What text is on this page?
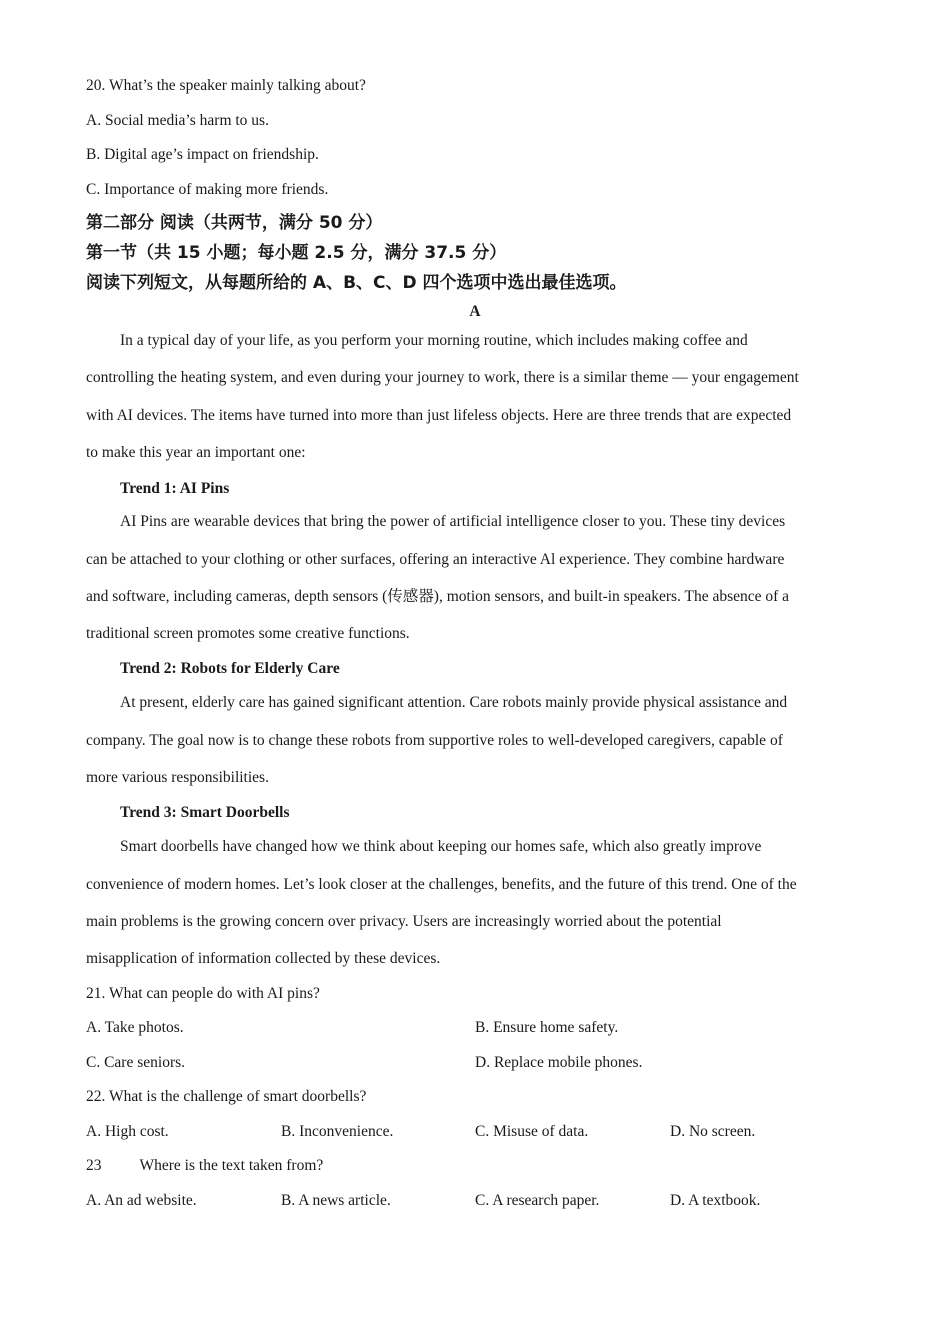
20. What’s the speaker mainly talking about?
A. Social media’s harm to us.
B. Digital age’s impact on friendship.
C. Importance of making more friends.
第二部分 阅读（共两节，满分 50 分）
第一节（共 15 小题；每小题 2.5 分，满分 37.5 分）
阅读下列短文，从每题所给的 A、B、C、D 四个选项中选出最佳选项。
A
In a typical day of your life, as you perform your morning routine, which includes making coffee and
controlling the heating system, and even during your journey to work, there is a similar theme — your engagement
with AI devices. The items have turned into more than just lifeless objects. Here are three trends that are expected
to make this year an important one:
Trend 1: AI Pins
AI Pins are wearable devices that bring the power of artificial intelligence closer to you. These tiny devices
can be attached to your clothing or other surfaces, offering an interactive Al experience. They combine hardware
and software, including cameras, depth sensors (传感器), motion sensors, and built-in speakers. The absence of a
traditional screen promotes some creative functions.
Trend 2: Robots for Elderly Care
At present, elderly care has gained significant attention. Care robots mainly provide physical assistance and
company. The goal now is to change these robots from supportive roles to well-developed caregivers, capable of
more various responsibilities.
Trend 3: Smart Doorbells
Smart doorbells have changed how we think about keeping our homes safe, which also greatly improve
convenience of modern homes. Let’s look closer at the challenges, benefits, and the future of this trend. One of the
main problems is the growing concern over privacy. Users are increasingly worried about the potential
misapplication of information collected by these devices.
21. What can people do with AI pins?
A. Take photos.	B. Ensure home safety.
C. Care seniors.	D. Replace mobile phones.
22. What is the challenge of smart doorbells?
A. High cost.	B. Inconvenience.	C. Misuse of data.	D. No screen.
23 Where is the text taken from?
A. An ad website.	B. A news article.	C. A research paper.	D. A textbook.
